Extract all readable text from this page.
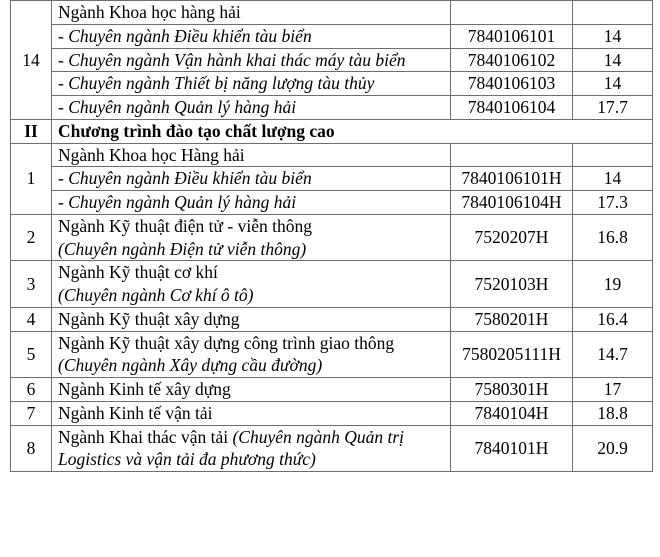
14	Ngành Khoa học hàng hải		
	- Chuyên ngành Điều khiển tàu biển	7840106101	14
	- Chuyên ngành Vận hành khai thác máy tàu biển	7840106102	14
	- Chuyên ngành Thiết bị năng lượng tàu thủy	7840106103	14
	- Chuyên ngành Quản lý hàng hải	7840106104	17.7
II	Chương trình đào tạo chất lượng cao		
1	Ngành Khoa học Hàng hải		
	- Chuyên ngành Điều khiển tàu biển	7840106101H	14
	- Chuyên ngành Quản lý hàng hải	7840106104H	17.3
2	Ngành Kỹ thuật điện tử - viễn thông
(Chuyên ngành Điện tử viễn thông)	7520207H	16.8
3	Ngành Kỹ thuật cơ khí
(Chuyên ngành Cơ khí ô tô)	7520103H	19
4	Ngành Kỹ thuật xây dựng	7580201H	16.4
5	Ngành Kỹ thuật xây dựng công trình giao thông
(Chuyên ngành Xây dựng cầu đường)	7580205111H	14.7
6	Ngành Kinh tế xây dựng	7580301H	17
7	Ngành Kinh tế vận tải	7840104H	18.8
8	Ngành Khai thác vận tải (Chuyên ngành Quản trị Logistics và vận tải đa phương thức)	7840101H	20.9
